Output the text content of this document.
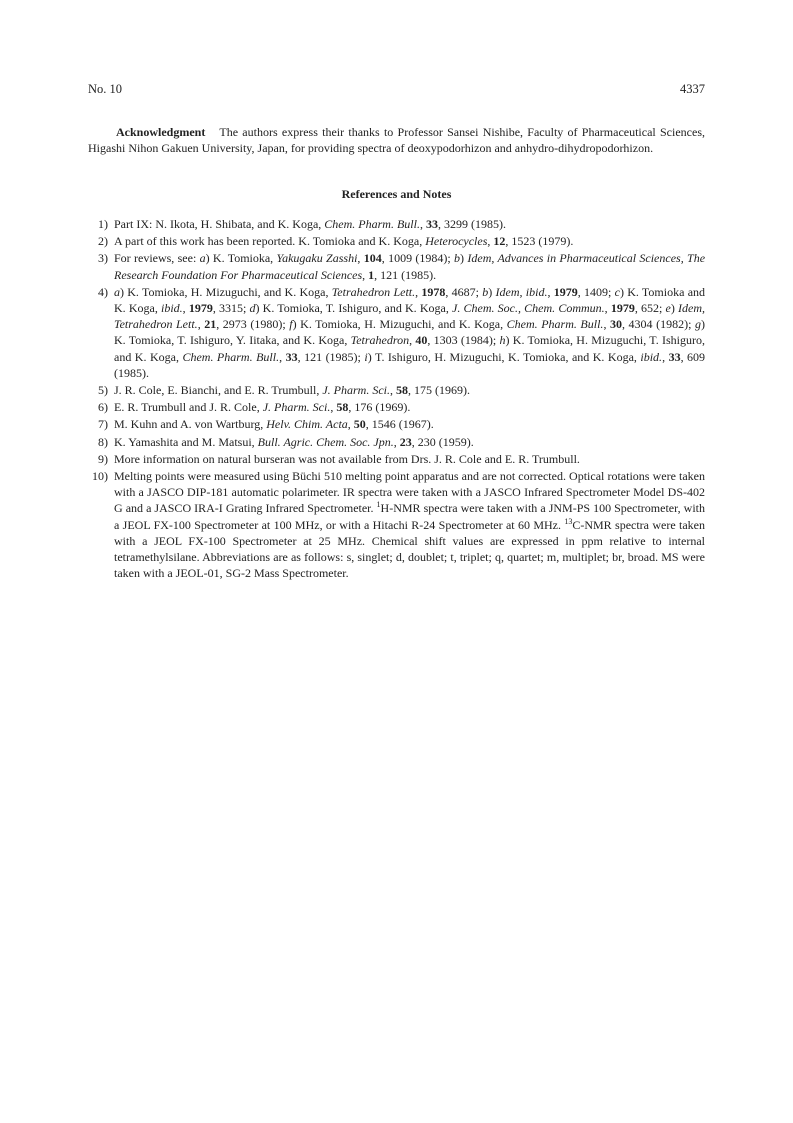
No. 10	4337
Acknowledgment The authors express their thanks to Professor Sansei Nishibe, Faculty of Pharmaceutical Sciences, Higashi Nihon Gakuen University, Japan, for providing spectra of deoxypodorhizon and anhydro-dihydropodorhizon.
References and Notes
1) Part IX: N. Ikota, H. Shibata, and K. Koga, Chem. Pharm. Bull., 33, 3299 (1985).
2) A part of this work has been reported. K. Tomioka and K. Koga, Heterocycles, 12, 1523 (1979).
3) For reviews, see: a) K. Tomioka, Yakugaku Zasshi, 104, 1009 (1984); b) Idem, Advances in Pharmaceutical Sciences, The Research Foundation For Pharmaceutical Sciences, 1, 121 (1985).
4) a) K. Tomioka, H. Mizuguchi, and K. Koga, Tetrahedron Lett., 1978, 4687; b) Idem, ibid., 1979, 1409; c) K. Tomioka and K. Koga, ibid., 1979, 3315; d) K. Tomioka, T. Ishiguro, and K. Koga, J. Chem. Soc., Chem. Commun., 1979, 652; e) Idem, Tetrahedron Lett., 21, 2973 (1980); f) K. Tomioka, H. Mizuguchi, and K. Koga, Chem. Pharm. Bull., 30, 4304 (1982); g) K. Tomioka, T. Ishiguro, Y. Iitaka, and K. Koga, Tetrahedron, 40, 1303 (1984); h) K. Tomioka, H. Mizuguchi, T. Ishiguro, and K. Koga, Chem. Pharm. Bull., 33, 121 (1985); i) T. Ishiguro, H. Mizuguchi, K. Tomioka, and K. Koga, ibid., 33, 609 (1985).
5) J. R. Cole, E. Bianchi, and E. R. Trumbull, J. Pharm. Sci., 58, 175 (1969).
6) E. R. Trumbull and J. R. Cole, J. Pharm. Sci., 58, 176 (1969).
7) M. Kuhn and A. von Wartburg, Helv. Chim. Acta, 50, 1546 (1967).
8) K. Yamashita and M. Matsui, Bull. Agric. Chem. Soc. Jpn., 23, 230 (1959).
9) More information on natural burseran was not available from Drs. J. R. Cole and E. R. Trumbull.
10) Melting points were measured using Büchi 510 melting point apparatus and are not corrected. Optical rotations were taken with a JASCO DIP-181 automatic polarimeter. IR spectra were taken with a JASCO Infrared Spectrometer Model DS-402 G and a JASCO IRA-I Grating Infrared Spectrometer. $^1$H-NMR spectra were taken with a JNM-PS 100 Spectrometer, with a JEOL FX-100 Spectrometer at 100 MHz, or with a Hitachi R-24 Spectrometer at 60 MHz. $^{13}$C-NMR spectra were taken with a JEOL FX-100 Spectrometer at 25 MHz. Chemical shift values are expressed in ppm relative to internal tetramethylsilane. Abbreviations are as follows: s, singlet; d, doublet; t, triplet; q, quartet; m, multiplet; br, broad. MS were taken with a JEOL-01, SG-2 Mass Spectrometer.
